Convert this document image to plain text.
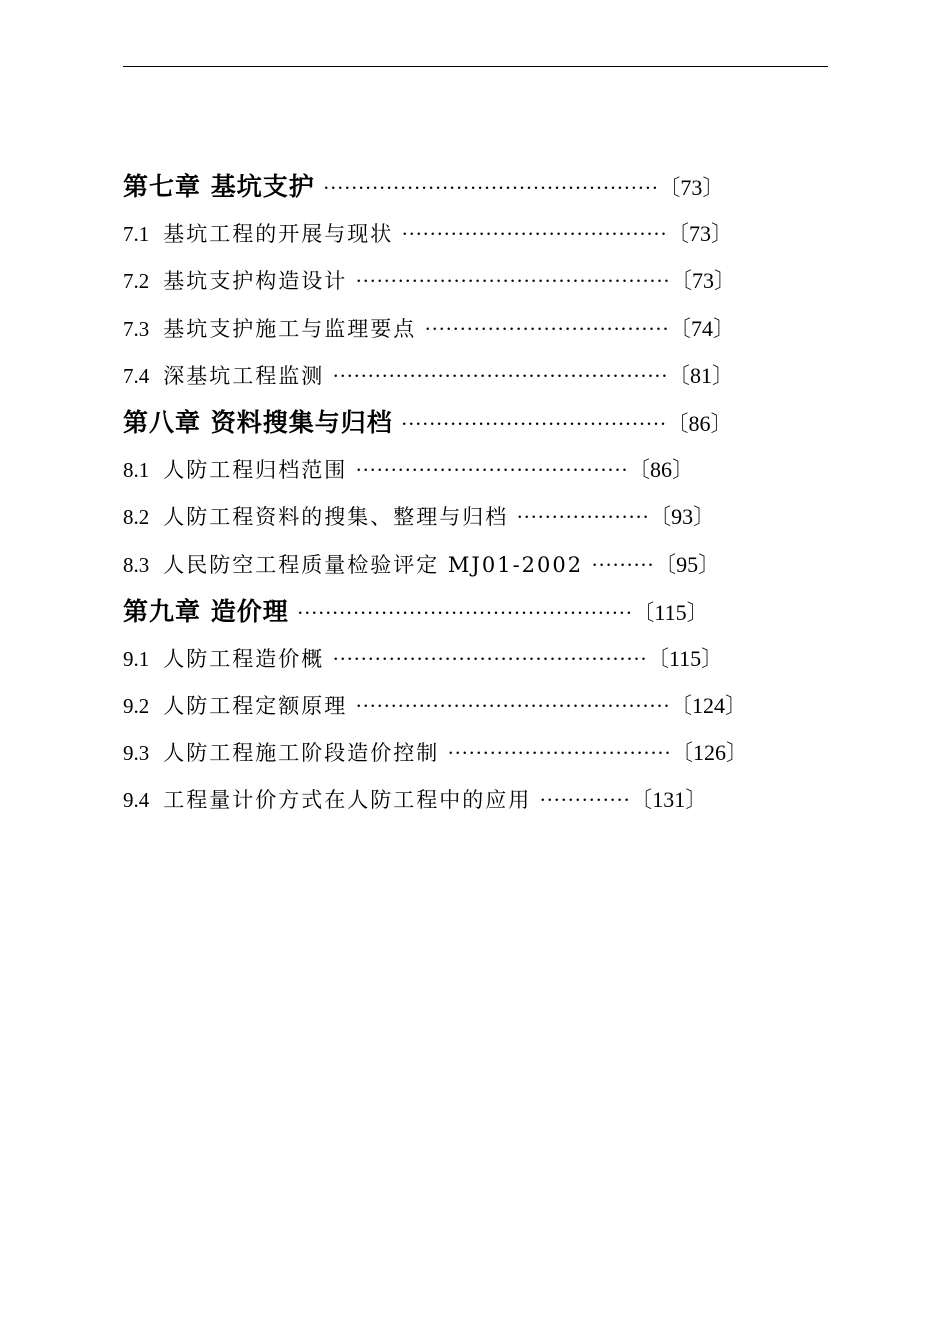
第七章 基坑支护 ················································	〔 73 〕
7.1 基坑工程的开展与现状 ······································	〔 73 〕
7.2 基坑支护构造设计 ·············································	〔 73 〕
7.3 基坑支护施工与监理要点 ···································	〔 74 〕
7.4 深基坑工程监测 ················································	〔 81 〕
第八章 资料搜集与归档 ······································	〔 86 〕
8.1 人防工程归档范围 ·······································	〔 86 〕
8.2 人防工程资料的搜集、整理与归档 ···················	〔 93 〕
8.3 人民防空工程质量检验评定 MJ01-2002 ·········	〔 95 〕
第九章 造价理 ················································	〔 115 〕
9.1 人防工程造价概 ·············································	〔 115 〕
9.2 人防工程定额原理 ·············································	〔 124 〕
9.3 人防工程施工阶段造价控制 ································	〔 126 〕
9.4 工程量计价方式在人防工程中的应用 ·············	〔 131 〕
